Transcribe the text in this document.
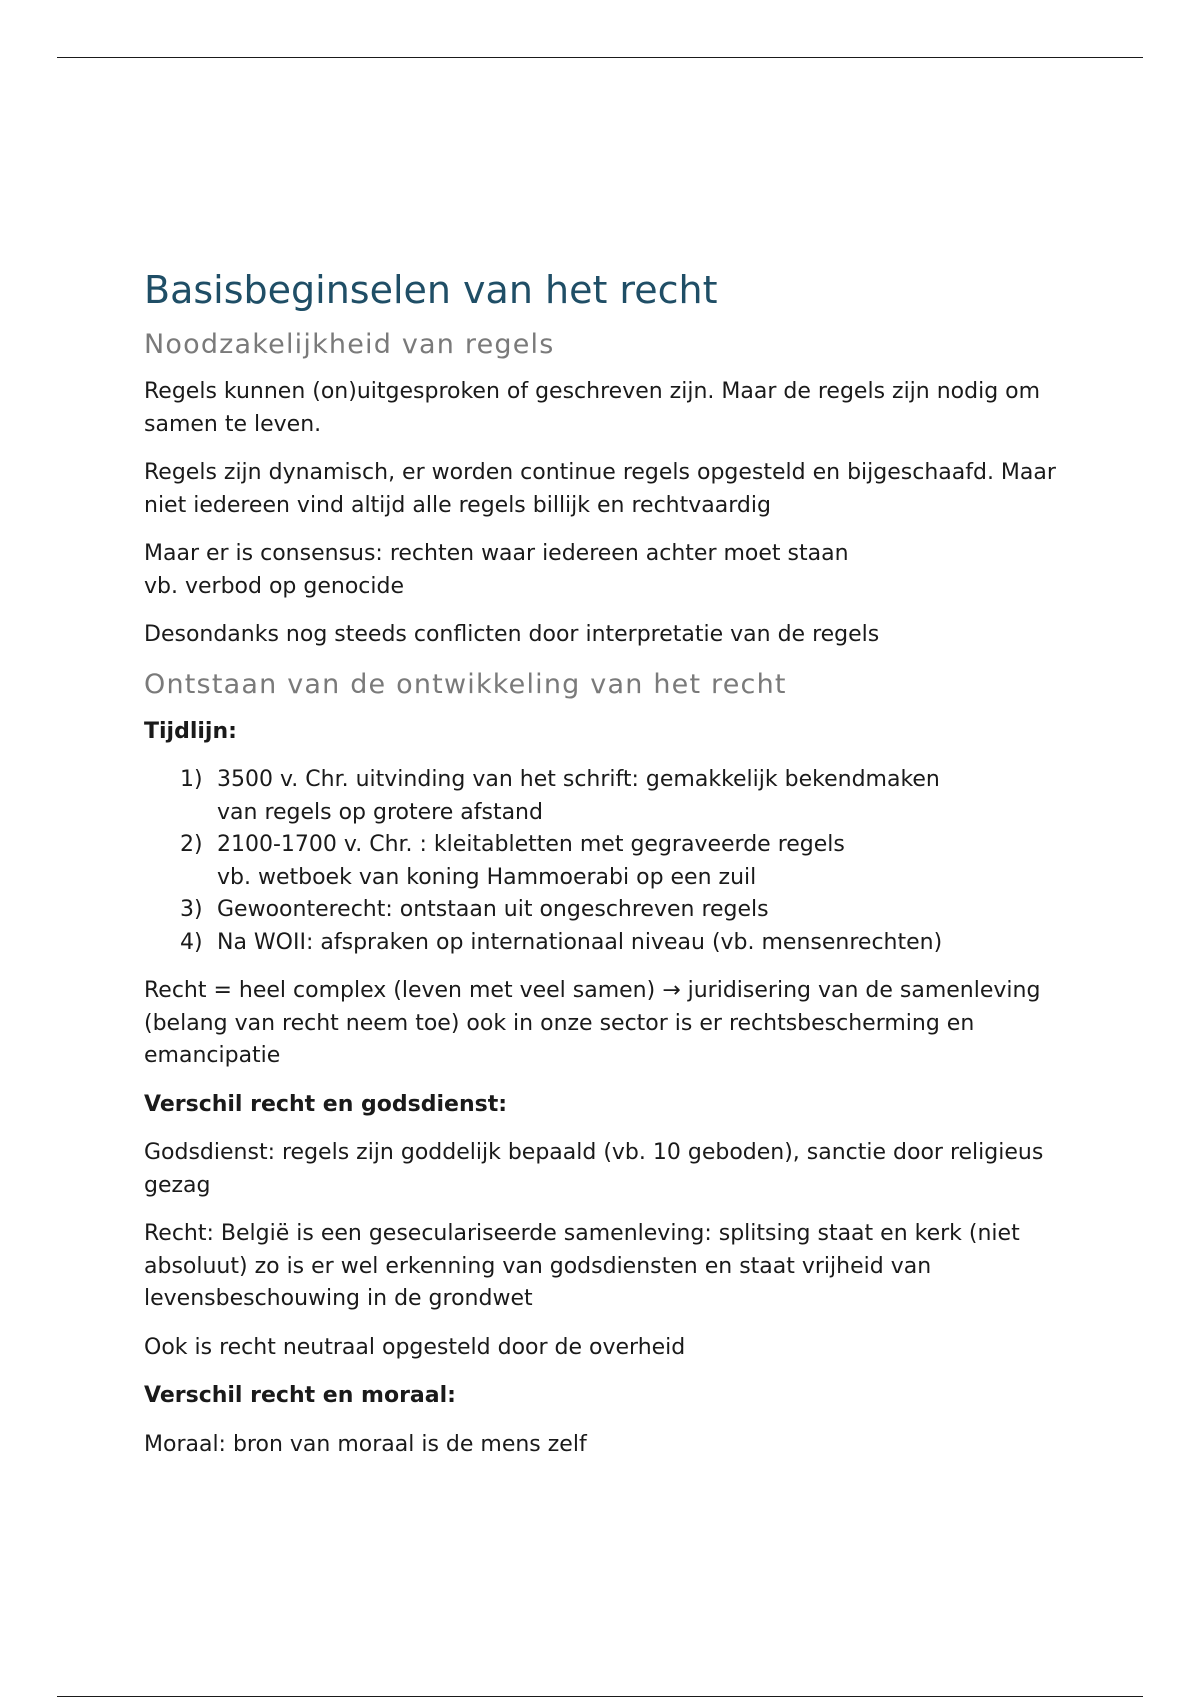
Basisbeginselen van het recht
Noodzakelijkheid van regels

Regels kunnen (on)uitgesproken of geschreven zijn. Maar de regels zijn nodig om samen te leven.

Regels zijn dynamisch, er worden continue regels opgesteld en bijgeschaafd. Maar niet iedereen vind altijd alle regels billijk en rechtvaardig

Maar er is consensus: rechten waar iedereen achter moet staan
vb. verbod op genocide

Desondanks nog steeds conflicten door interpretatie van de regels

Ontstaan van de ontwikkeling van het recht

Tijdlijn:

1) 3500 v. Chr. uitvinding van het schrift: gemakkelijk bekendmaken
van regels op grotere afstand
2) 2100-1700 v. Chr. : kleitabletten met gegraveerde regels
vb. wetboek van koning Hammoerabi op een zuil
3) Gewoonterecht: ontstaan uit ongeschreven regels
4) Na WOII: afspraken op internationaal niveau (vb. mensenrechten)

Recht = heel complex (leven met veel samen) → juridisering van de samenleving (belang van recht neem toe) ook in onze sector is er rechtsbescherming en emancipatie

Verschil recht en godsdienst:

Godsdienst: regels zijn goddelijk bepaald (vb. 10 geboden), sanctie door religieus gezag

Recht: België is een geseculariseerde samenleving: splitsing staat en kerk (niet absoluut) zo is er wel erkenning van godsdiensten en staat vrijheid van levensbeschouwing in de grondwet

Ook is recht neutraal opgesteld door de overheid

Verschil recht en moraal:

Moraal: bron van moraal is de mens zelf
